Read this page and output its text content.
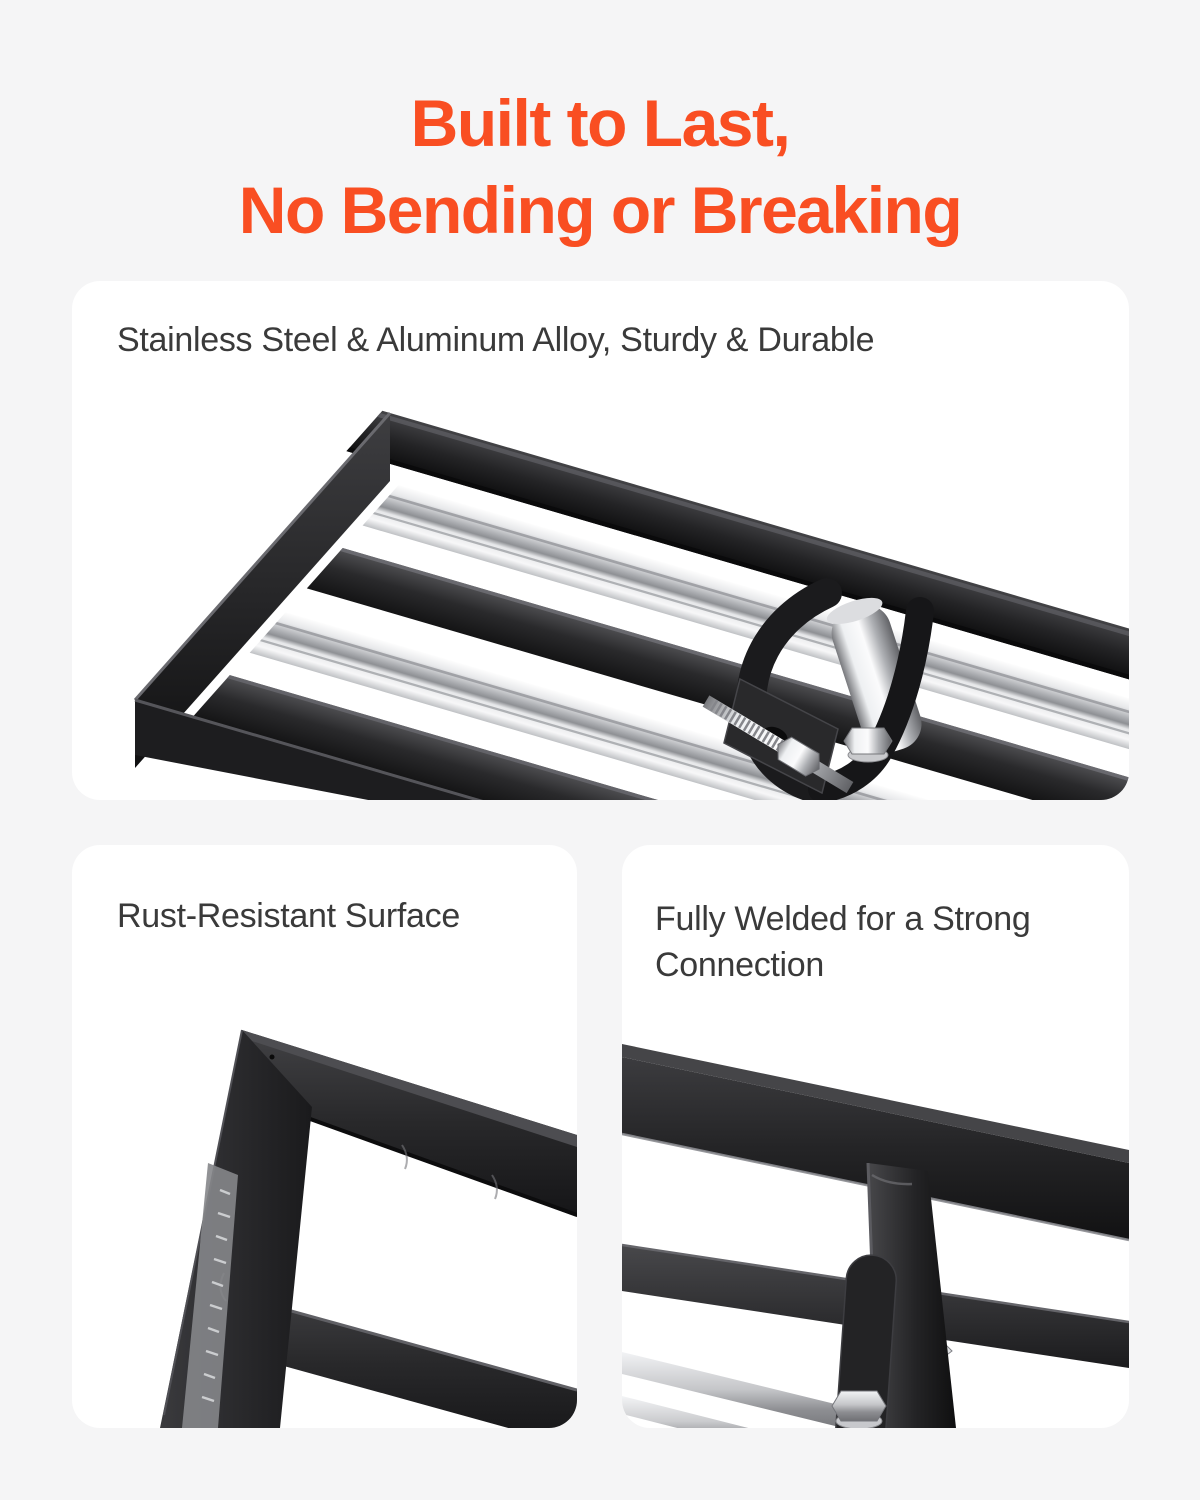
Built to Last,
No Bending or Breaking
Stainless Steel & Aluminum Alloy, Sturdy & Durable
Rust-Resistant Surface	Fully Welded for a Strong Connection
